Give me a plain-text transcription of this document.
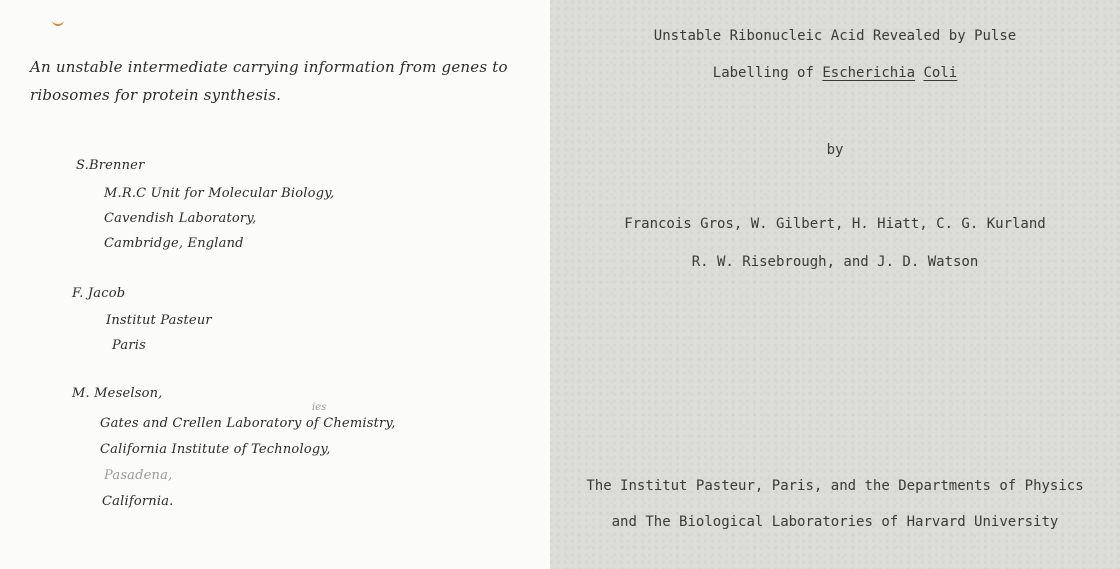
An unstable intermediate carrying information from genes to
ribosomes for protein synthesis.
S.Brenner
M.R.C Unit for Molecular Biology,
Cavendish Laboratory,
Cambridge, England
F. Jacob
Institut Pasteur
Paris
M. Meselson,
ies
Gates and Crellen Laboratory of Chemistry,
California Institute of Technology,
Pasadena,
California.
Unstable Ribonucleic Acid Revealed by Pulse
Labelling of Escherichia Coli
by
Francois Gros, W. Gilbert, H. Hiatt, C. G. Kurland
R. W. Risebrough, and J. D. Watson
The Institut Pasteur, Paris, and the Departments of Physics
and The Biological Laboratories of Harvard University
